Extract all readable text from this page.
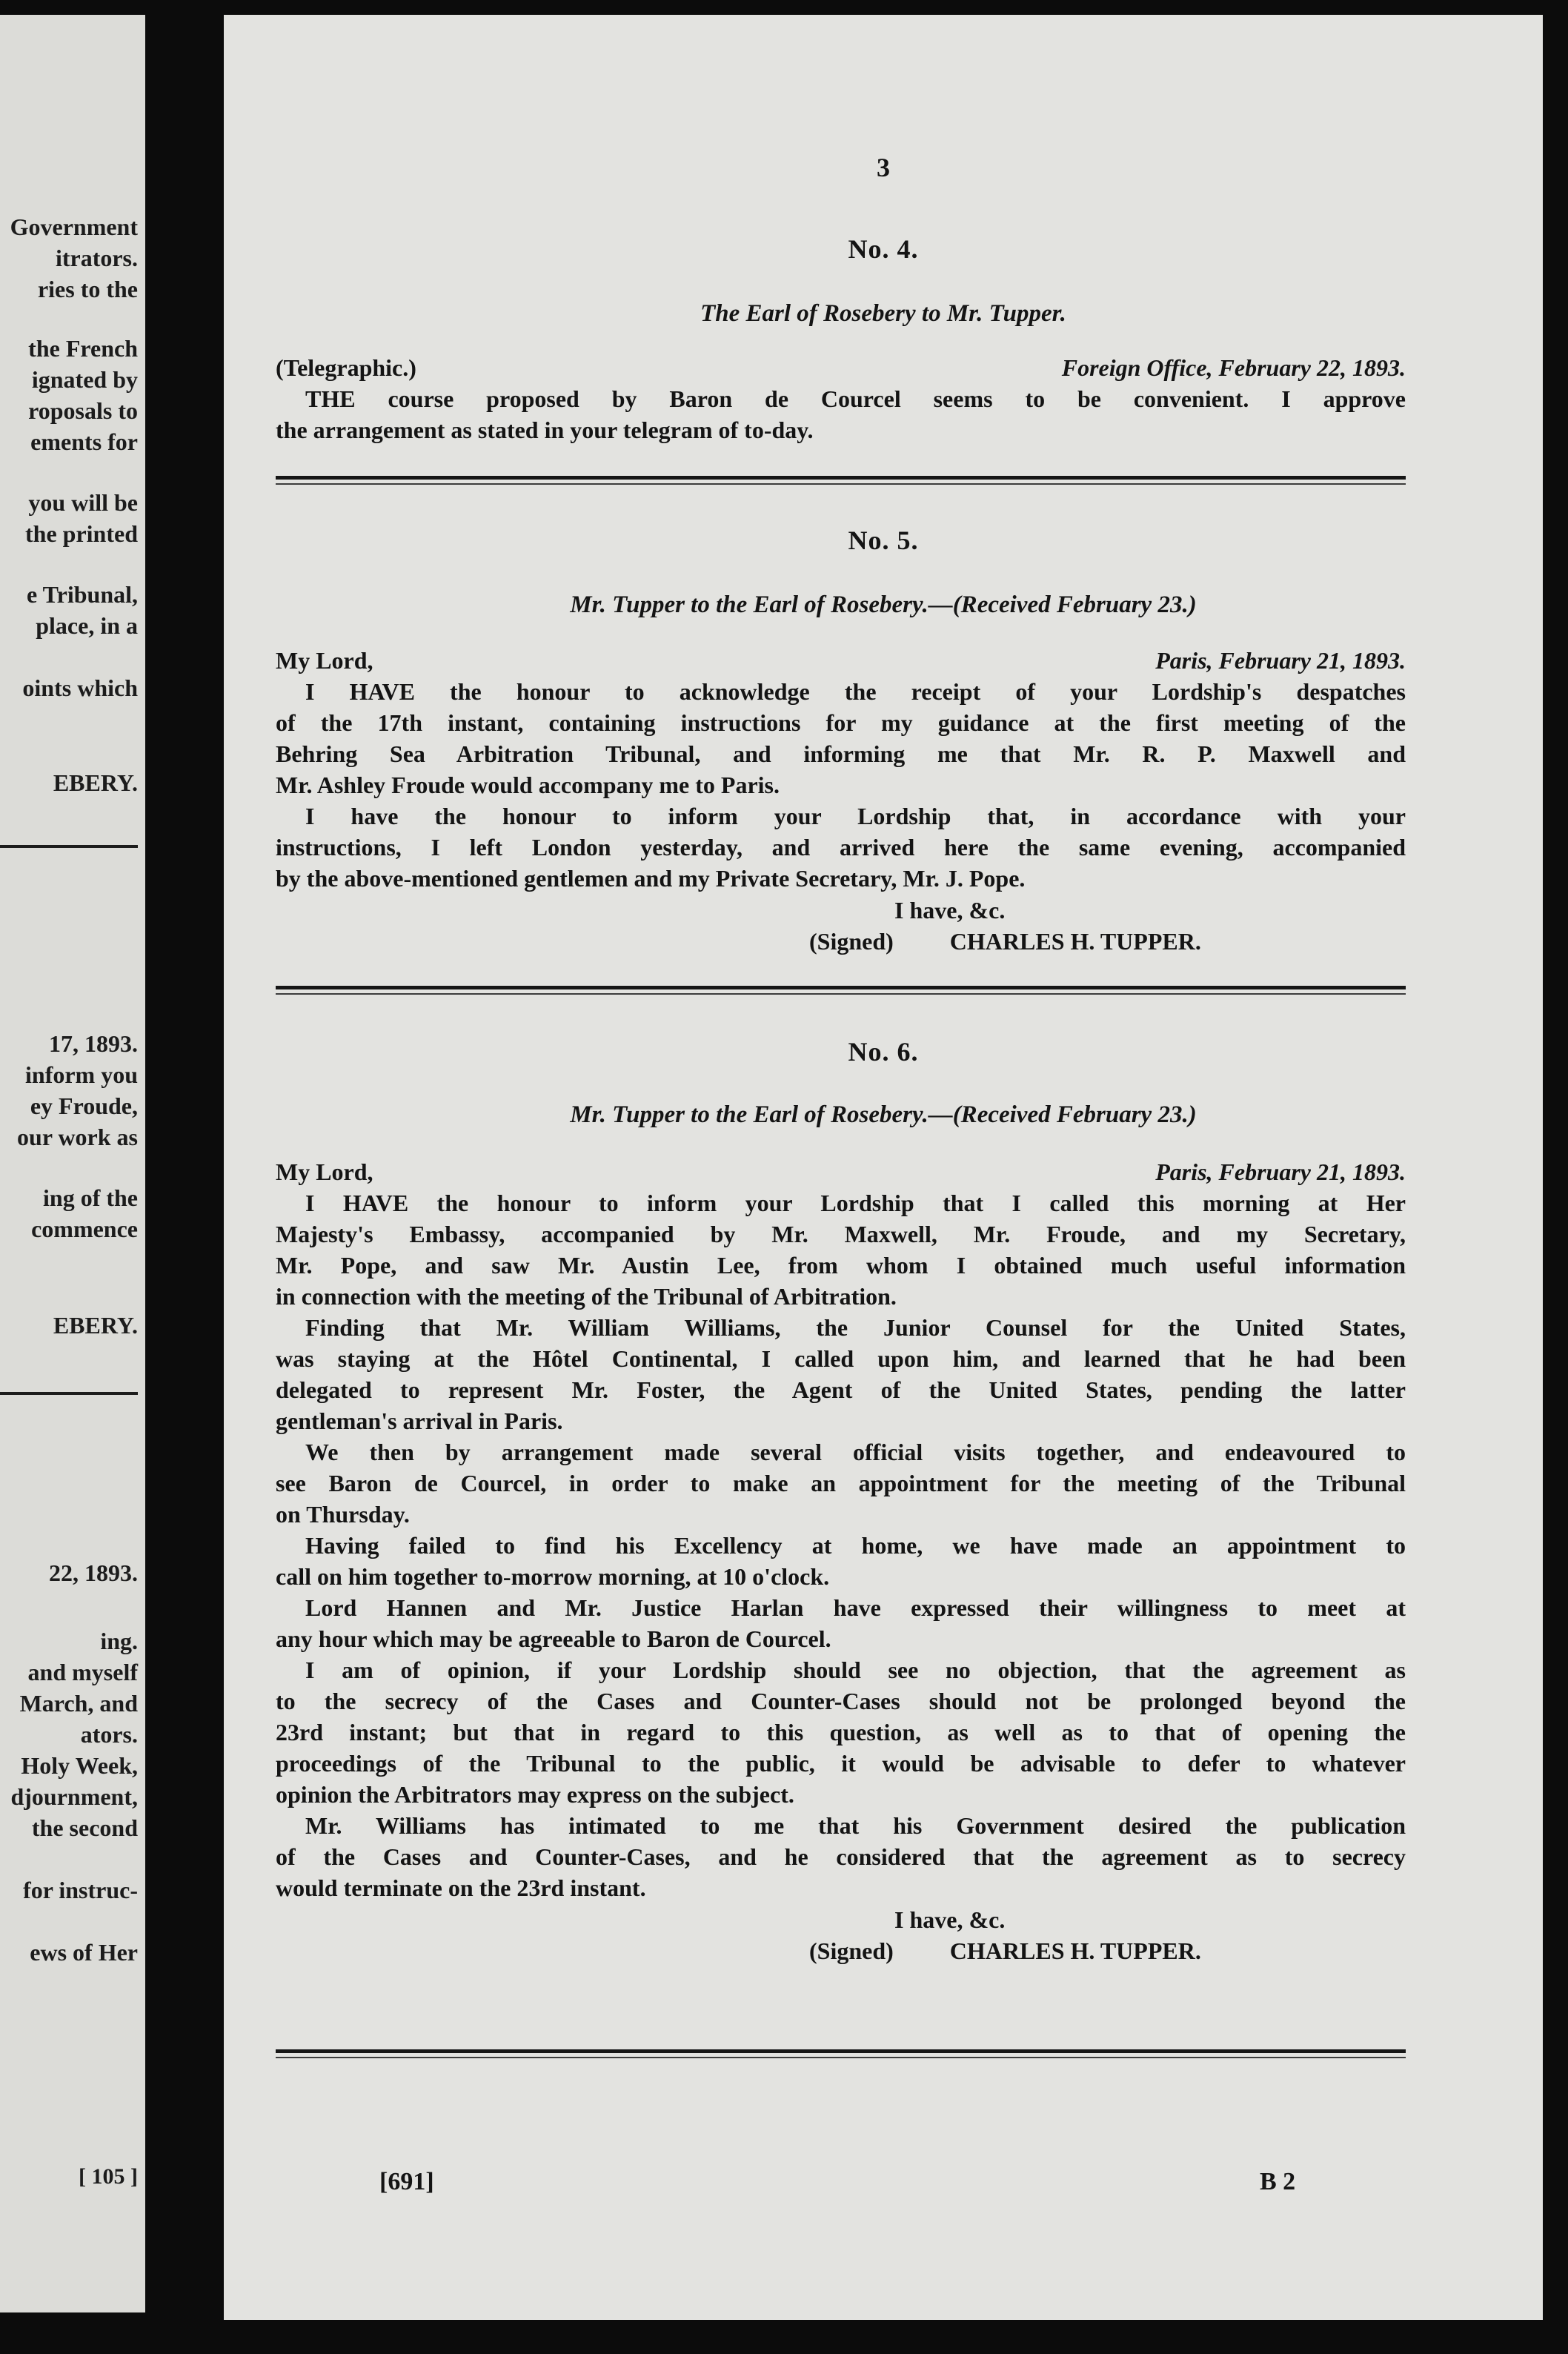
Government
itrators.
ries to the
the French
ignated by
roposals to
ements for
you will be
the printed
e Tribunal,
place, in a
oints which
EBERY.
17, 1893.
inform you
ey Froude,
our work as
ing of the
commence
EBERY.
22, 1893.
ing.
and myself
March, and
ators.
Holy Week,
djournment,
the second
for instruc-
ews of Her
[ 105 ]
3
No. 4.
The Earl of Rosebery to Mr. Tupper.
(Telegraphic.)	Foreign Office, February 22, 1893.
THE course proposed by Baron de Courcel seems to be convenient. I approve
the arrangement as stated in your telegram of to-day.
No. 5.
Mr. Tupper to the Earl of Rosebery.—(Received February 23.)
My Lord,	Paris, February 21, 1893.
I HAVE the honour to acknowledge the receipt of your Lordship's despatches
of the 17th instant, containing instructions for my guidance at the first meeting of the
Behring Sea Arbitration Tribunal, and informing me that Mr. R. P. Maxwell and
Mr. Ashley Froude would accompany me to Paris.
I have the honour to inform your Lordship that, in accordance with your
instructions, I left London yesterday, and arrived here the same evening, accompanied
by the above-mentioned gentlemen and my Private Secretary, Mr. J. Pope.
I have, &c.
(Signed) CHARLES H. TUPPER.
No. 6.
Mr. Tupper to the Earl of Rosebery.—(Received February 23.)
My Lord,	Paris, February 21, 1893.
I HAVE the honour to inform your Lordship that I called this morning at Her
Majesty's Embassy, accompanied by Mr. Maxwell, Mr. Froude, and my Secretary,
Mr. Pope, and saw Mr. Austin Lee, from whom I obtained much useful information
in connection with the meeting of the Tribunal of Arbitration.
Finding that Mr. William Williams, the Junior Counsel for the United States,
was staying at the Hôtel Continental, I called upon him, and learned that he had been
delegated to represent Mr. Foster, the Agent of the United States, pending the latter
gentleman's arrival in Paris.
We then by arrangement made several official visits together, and endeavoured to
see Baron de Courcel, in order to make an appointment for the meeting of the Tribunal
on Thursday.
Having failed to find his Excellency at home, we have made an appointment to
call on him together to-morrow morning, at 10 o'clock.
Lord Hannen and Mr. Justice Harlan have expressed their willingness to meet at
any hour which may be agreeable to Baron de Courcel.
I am of opinion, if your Lordship should see no objection, that the agreement as
to the secrecy of the Cases and Counter-Cases should not be prolonged beyond the
23rd instant; but that in regard to this question, as well as to that of opening the
proceedings of the Tribunal to the public, it would be advisable to defer to whatever
opinion the Arbitrators may express on the subject.
Mr. Williams has intimated to me that his Government desired the publication
of the Cases and Counter-Cases, and he considered that the agreement as to secrecy
would terminate on the 23rd instant.
I have, &c.
(Signed) CHARLES H. TUPPER.
[691]	B 2
